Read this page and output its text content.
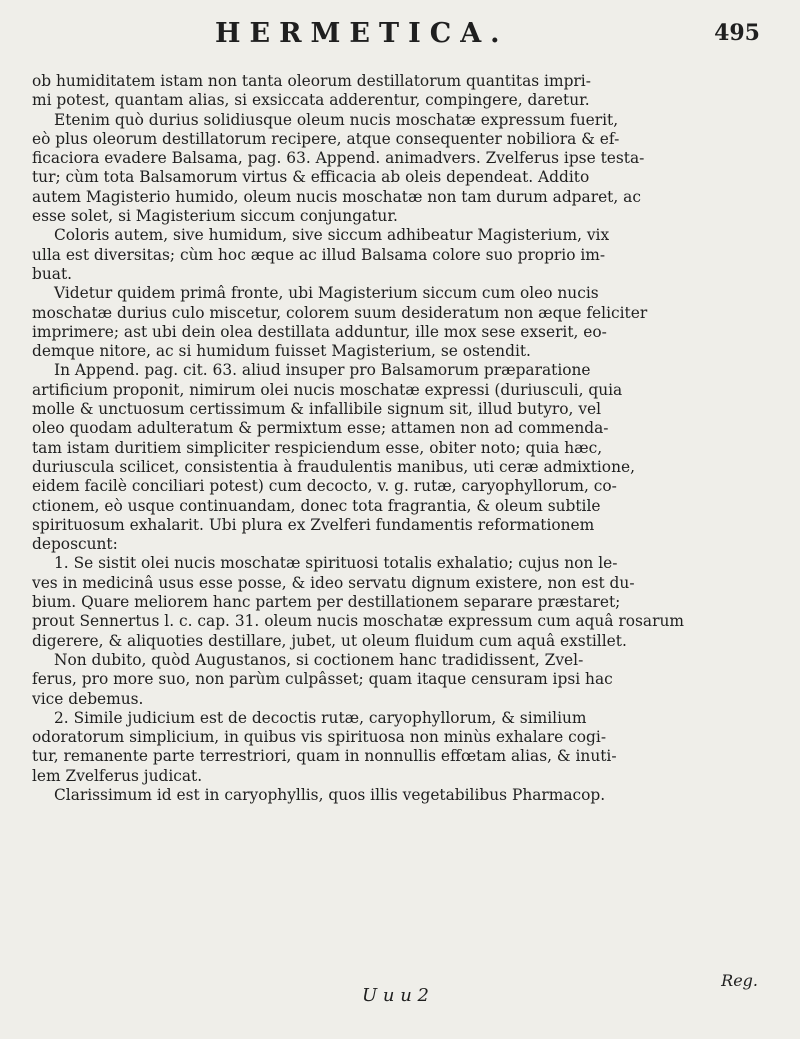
HERMETICA.	495
ob humiditatem istam non tanta oleorum destillatorum quantitas impri-
mi potest, quantam alias, si exsiccata adderentur, compingere, daretur.
Etenim quò durius solidiusque oleum nucis moschatæ expressum fuerit,
eò plus oleorum destillatorum recipere, atque consequenter nobiliora & ef-
ficaciora evadere Balsama, pag. 63. Append. animadvers. Zvelferus ipse testa-
tur; cùm tota Balsamorum virtus & efficacia ab oleis dependeat. Addito
autem Magisterio humido, oleum nucis moschatæ non tam durum adparet, ac
esse solet, si Magisterium siccum conjungatur.
Coloris autem, sive humidum, sive siccum adhibeatur Magisterium, vix
ulla est diversitas; cùm hoc æque ac illud Balsama colore suo proprio im-
buat.
Videtur quidem primâ fronte, ubi Magisterium siccum cum oleo nucis
moschatæ durius culo miscetur, colorem suum desideratum non æque feliciter
imprimere; ast ubi dein olea destillata adduntur, ille mox sese exserit, eo-
demque nitore, ac si humidum fuisset Magisterium, se ostendit.
In Append. pag. cit. 63. aliud insuper pro Balsamorum præparatione
artificium proponit, nimirum olei nucis moschatæ expressi (duriusculi, quia
molle & unctuosum certissimum & infallibile signum sit, illud butyro, vel
oleo quodam adulteratum & permixtum esse; attamen non ad commenda-
tam istam duritiem simpliciter respiciendum esse, obiter noto; quia hæc,
duriuscula scilicet, consistentia à fraudulentis manibus, uti ceræ admixtione,
eidem facilè conciliari potest) cum decocto, v. g. rutæ, caryophyllorum, co-
ctionem, eò usque continuandam, donec tota fragrantia, & oleum subtile
spirituosum exhalarit. Ubi plura ex Zvelferi fundamentis reformationem
deposcunt:
1. Se sistit olei nucis moschatæ spirituosi totalis exhalatio; cujus non le-
ves in medicinâ usus esse posse, & ideo servatu dignum existere, non est du-
bium. Quare meliorem hanc partem per destillationem separare præstaret;
prout Sennertus l. c. cap. 31. oleum nucis moschatæ expressum cum aquâ rosarum
digerere, & aliquoties destillare, jubet, ut oleum fluidum cum aquâ exstillet.
Non dubito, quòd Augustanos, si coctionem hanc tradidissent, Zvel-
ferus, pro more suo, non parùm culpâsset; quam itaque censuram ipsi hac
vice debemus.
2. Simile judicium est de decoctis rutæ, caryophyllorum, & similium
odoratorum simplicium, in quibus vis spirituosa non minùs exhalare cogi-
tur, remanente parte terrestriori, quam in nonnullis effœtam alias, & inuti-
lem Zvelferus judicat.
Clarissimum id est in caryophyllis, quos illis vegetabilibus Pharmacop.
U u u 2
Reg.
